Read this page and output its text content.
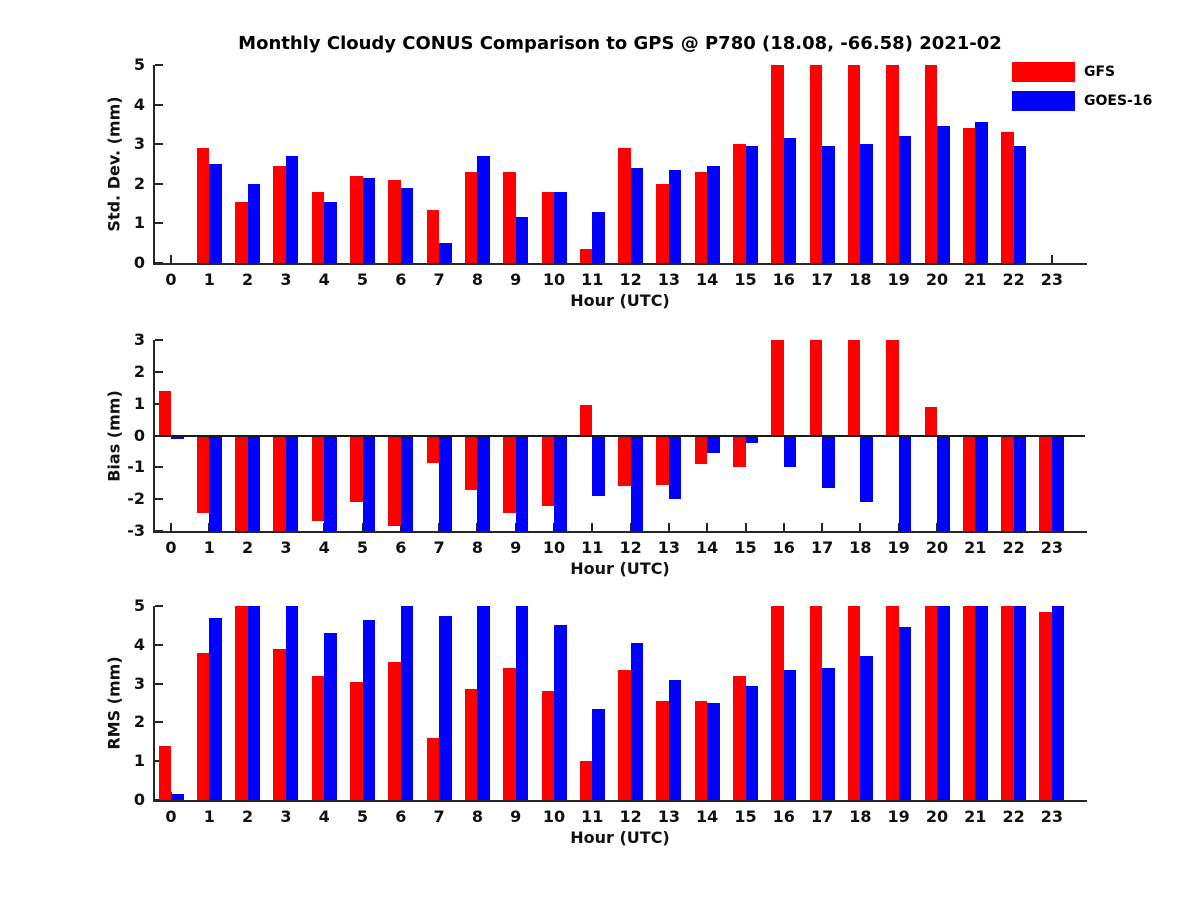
Monthly Cloudy CONUS Comparison to GPS @ P780 (18.08, -66.58) 2021-02
GFS
GOES-16
Std. Dev. (mm)
0
1
2
3
4
5
0	1	2	3	4	5	6	7	8	9	10	11	12	13	14	15	16	17	18	19	20	21	22	23
Hour (UTC)
Bias (mm)
-3
-2
-1
0
1
2
3
0	1	2	3	4	5	6	7	8	9	10	11	12	13	14	15	16	17	18	19	20	21	22	23
Hour (UTC)
RMS (mm)
0
1
2
3
4
5
0	1	2	3	4	5	6	7	8	9	10	11	12	13	14	15	16	17	18	19	20	21	22	23
Hour (UTC)
